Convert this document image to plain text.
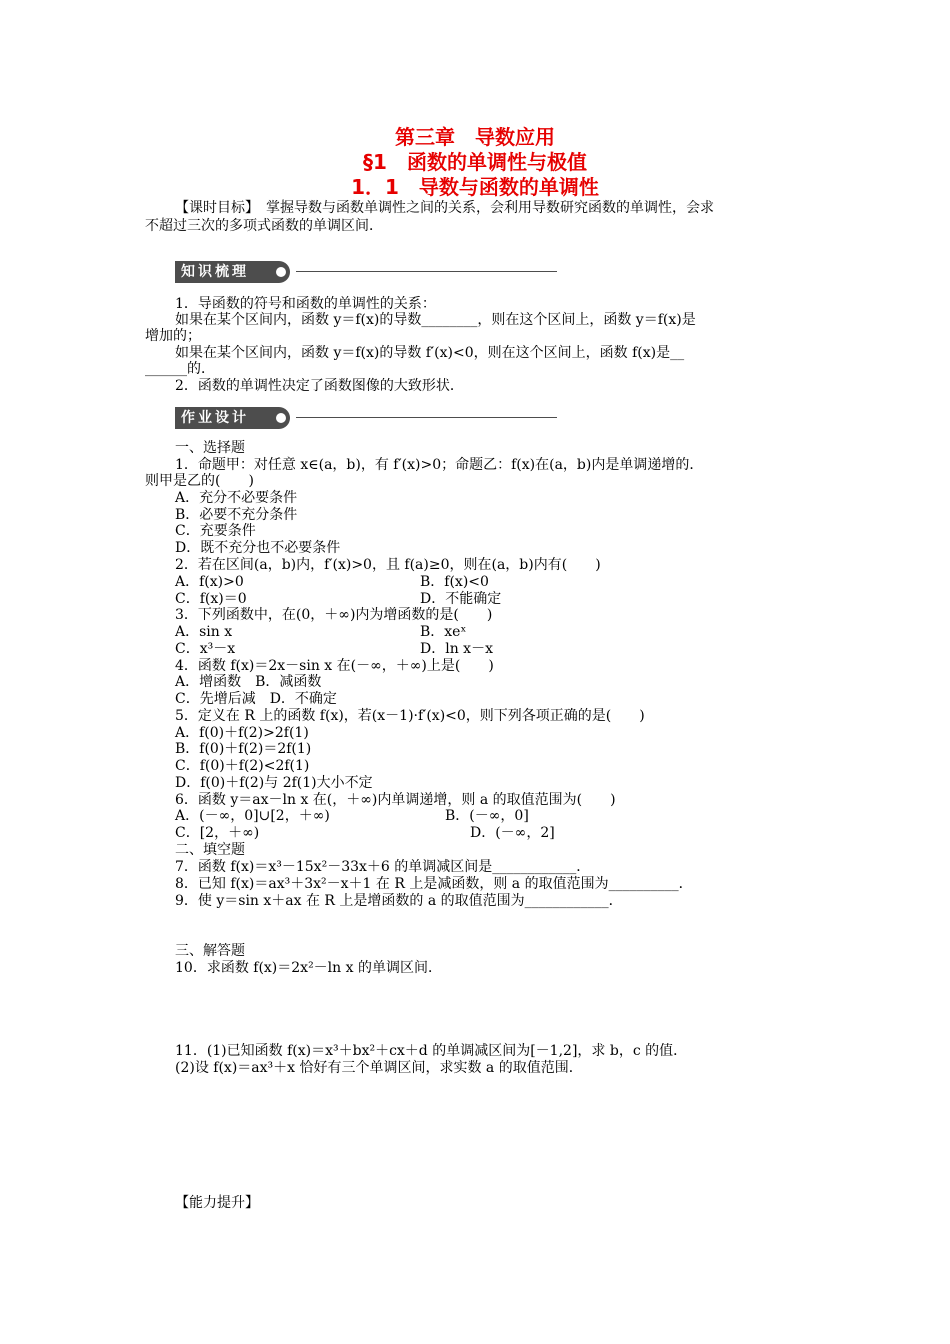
第三章　导数应用
§1　函数的单调性与极值
1．1　导数与函数的单调性
【课时目标】　掌握导数与函数单调性之间的关系，会利用导数研究函数的单调性，会求
不超过三次的多项式函数的单调区间．
知识梳理
1．导函数的符号和函数的单调性的关系：
如果在某个区间内，函数 y＝f(x)的导数________，则在这个区间上，函数 y＝f(x)是
增加的；
如果在某个区间内，函数 y＝f(x)的导数 f′(x)<0，则在这个区间上，函数 f(x)是__
______的．
2．函数的单调性决定了函数图像的大致形状．
作业设计
一、选择题
1．命题甲：对任意 x∈(a，b)，有 f′(x)>0；命题乙：f(x)在(a，b)内是单调递增的．
则甲是乙的(　　)
A．充分不必要条件
B．必要不充分条件
C．充要条件
D．既不充分也不必要条件
2．若在区间(a，b)内，f′(x)>0，且 f(a)≥0，则在(a，b)内有(　　)
A．f(x)>0	B．f(x)<0
C．f(x)＝0	D．不能确定
3．下列函数中，在(0，＋∞)内为增函数的是(　　)
A．sin x	B．xeˣ
C．x³－x	D．ln x－x
4．函数 f(x)＝2x－sin x 在(－∞，＋∞)上是(　　)
A．增函数　B．减函数
C．先增后减　D．不确定
5．定义在 R 上的函数 f(x)，若(x－1)·f′(x)<0，则下列各项正确的是(　　)
A．f(0)＋f(2)>2f(1)
B．f(0)＋f(2)＝2f(1)
C．f(0)＋f(2)<2f(1)
D．f(0)＋f(2)与 2f(1)大小不定
6．函数 y＝ax－ln x 在(，＋∞)内单调递增，则 a 的取值范围为(　　)
A．(－∞，0]∪[2，＋∞)	B．(－∞，0]
C．[2，＋∞)	D．(－∞，2]
二、填空题
7．函数 f(x)＝x³－15x²－33x＋6 的单调减区间是____________．
8．已知 f(x)＝ax³＋3x²－x＋1 在 R 上是减函数，则 a 的取值范围为__________．
9．使 y＝sin x＋ax 在 R 上是增函数的 a 的取值范围为____________．
三、解答题
10．求函数 f(x)＝2x²－ln x 的单调区间．
11．(1)已知函数 f(x)＝x³＋bx²＋cx＋d 的单调减区间为[－1,2]，求 b，c 的值．
(2)设 f(x)＝ax³＋x 恰好有三个单调区间，求实数 a 的取值范围．
【能力提升】
